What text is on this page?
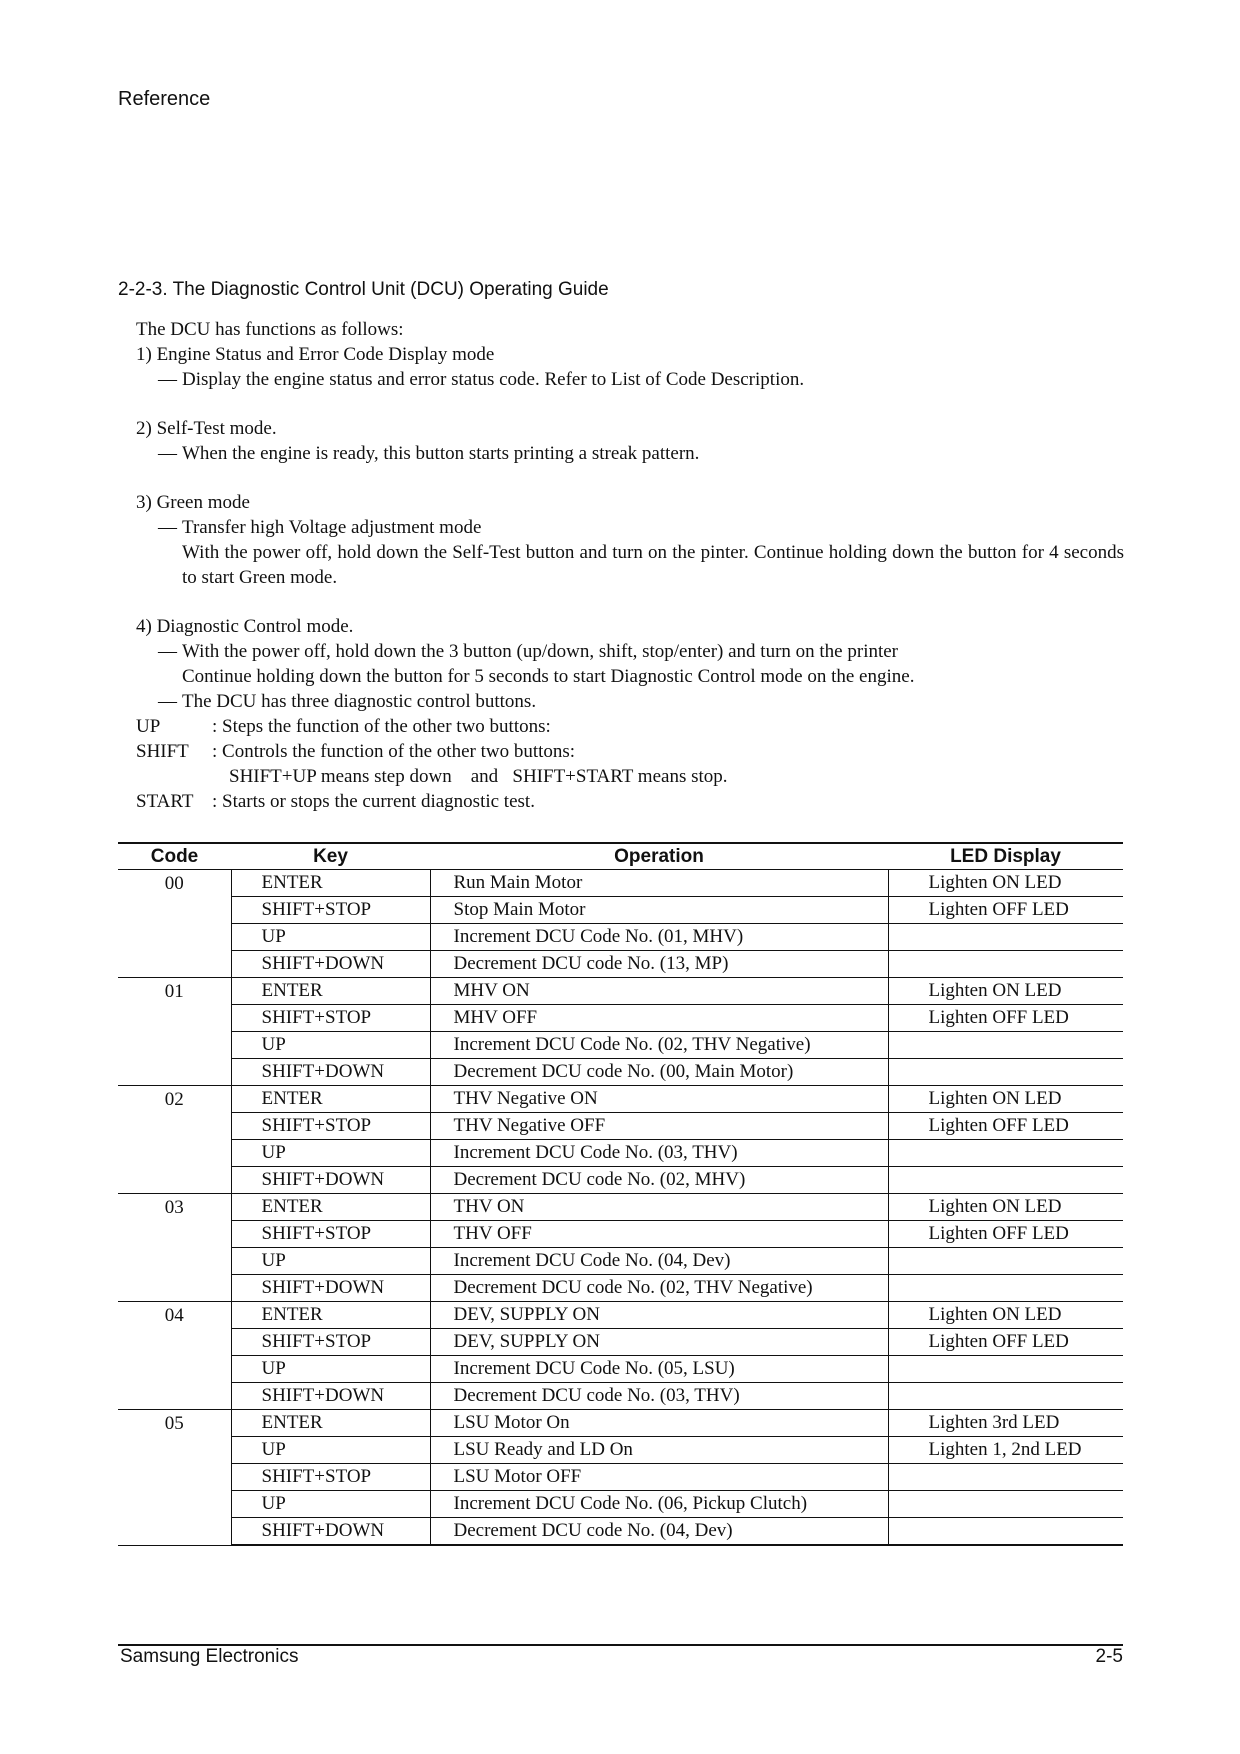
Reference
2-2-3. The Diagnostic Control Unit (DCU) Operating Guide
The DCU has functions as follows:
1) Engine Status and Error Code Display mode
— Display the engine status and error status code. Refer to List of Code Description.
2) Self-Test mode.
— When the engine is ready, this button starts printing a streak pattern.
3) Green mode
— Transfer high Voltage adjustment mode
With the power off, hold down the Self-Test button and turn on the pinter. Continue holding down the button for 4 seconds to start Green mode.
4) Diagnostic Control mode.
— With the power off, hold down the 3 button (up/down, shift, stop/enter) and turn on the printer
Continue holding down the button for 5 seconds to start Diagnostic Control mode on the engine.
— The DCU has three diagnostic control buttons.
UP	: Steps the function of the other two buttons:
SHIFT	: Controls the function of the other two buttons:
SHIFT+UP means step down    and   SHIFT+START means stop.
START : Starts or stops the current diagnostic test.
Code	Key	Operation	LED Display
00	ENTER	Run Main Motor	Lighten ON LED
	SHIFT+STOP	Stop Main Motor	Lighten OFF LED
	UP	Increment DCU Code No. (01, MHV)	
	SHIFT+DOWN	Decrement DCU code No. (13, MP)	
01	ENTER	MHV ON	Lighten ON LED
	SHIFT+STOP	MHV OFF	Lighten OFF LED
	UP	Increment DCU Code No. (02, THV Negative)	
	SHIFT+DOWN	Decrement DCU code No. (00, Main Motor)	
02	ENTER	THV Negative ON	Lighten ON LED
	SHIFT+STOP	THV Negative OFF	Lighten OFF LED
	UP	Increment DCU Code No. (03, THV)	
	SHIFT+DOWN	Decrement DCU code No. (02, MHV)	
03	ENTER	THV ON	Lighten ON LED
	SHIFT+STOP	THV OFF	Lighten OFF LED
	UP	Increment DCU Code No. (04, Dev)	
	SHIFT+DOWN	Decrement DCU code No. (02, THV Negative)	
04	ENTER	DEV, SUPPLY ON	Lighten ON LED
	SHIFT+STOP	DEV, SUPPLY ON	Lighten OFF LED
	UP	Increment DCU Code No. (05, LSU)	
	SHIFT+DOWN	Decrement DCU code No. (03, THV)	
05	ENTER	LSU Motor On	Lighten 3rd LED
	UP	LSU Ready and LD On	Lighten 1, 2nd LED
	SHIFT+STOP	LSU Motor OFF	
	UP	Increment DCU Code No. (06, Pickup Clutch)	
	SHIFT+DOWN	Decrement DCU code No. (04, Dev)	
Samsung Electronics	2-5
